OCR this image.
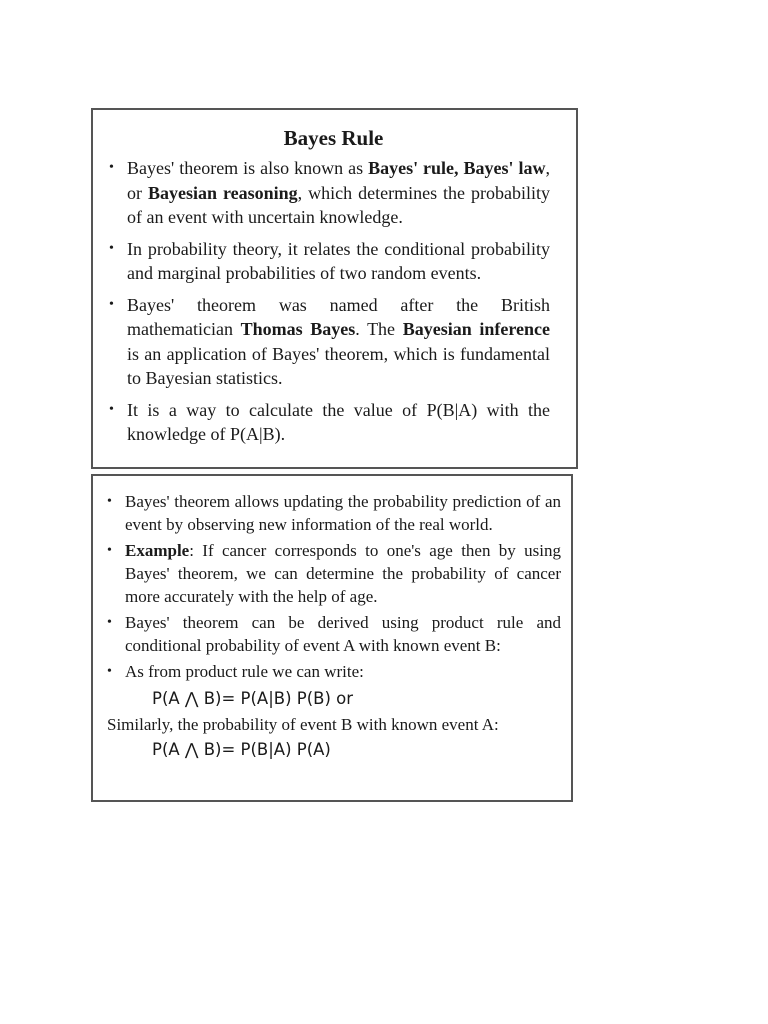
Bayes Rule
• Bayes' theorem is also known as Bayes' rule, Bayes' law, or Bayesian reasoning, which determines the probability of an event with uncertain knowledge.
• In probability theory, it relates the conditional probability and marginal probabilities of two random events.
• Bayes' theorem was named after the British mathematician Thomas Bayes. The Bayesian inference is an application of Bayes' theorem, which is fundamental to Bayesian statistics.
• It is a way to calculate the value of P(B|A) with the knowledge of P(A|B).
• Bayes' theorem allows updating the probability prediction of an event by observing new information of the real world.
• Example: If cancer corresponds to one's age then by using Bayes' theorem, we can determine the probability of cancer more accurately with the help of age.
• Bayes' theorem can be derived using product rule and conditional probability of event A with known event B:
• As from product rule we can write:
P(A ⋀ B)= P(A|B) P(B) or

Similarly, the probability of event B with known event A:

P(A ⋀ B)= P(B|A) P(A)
